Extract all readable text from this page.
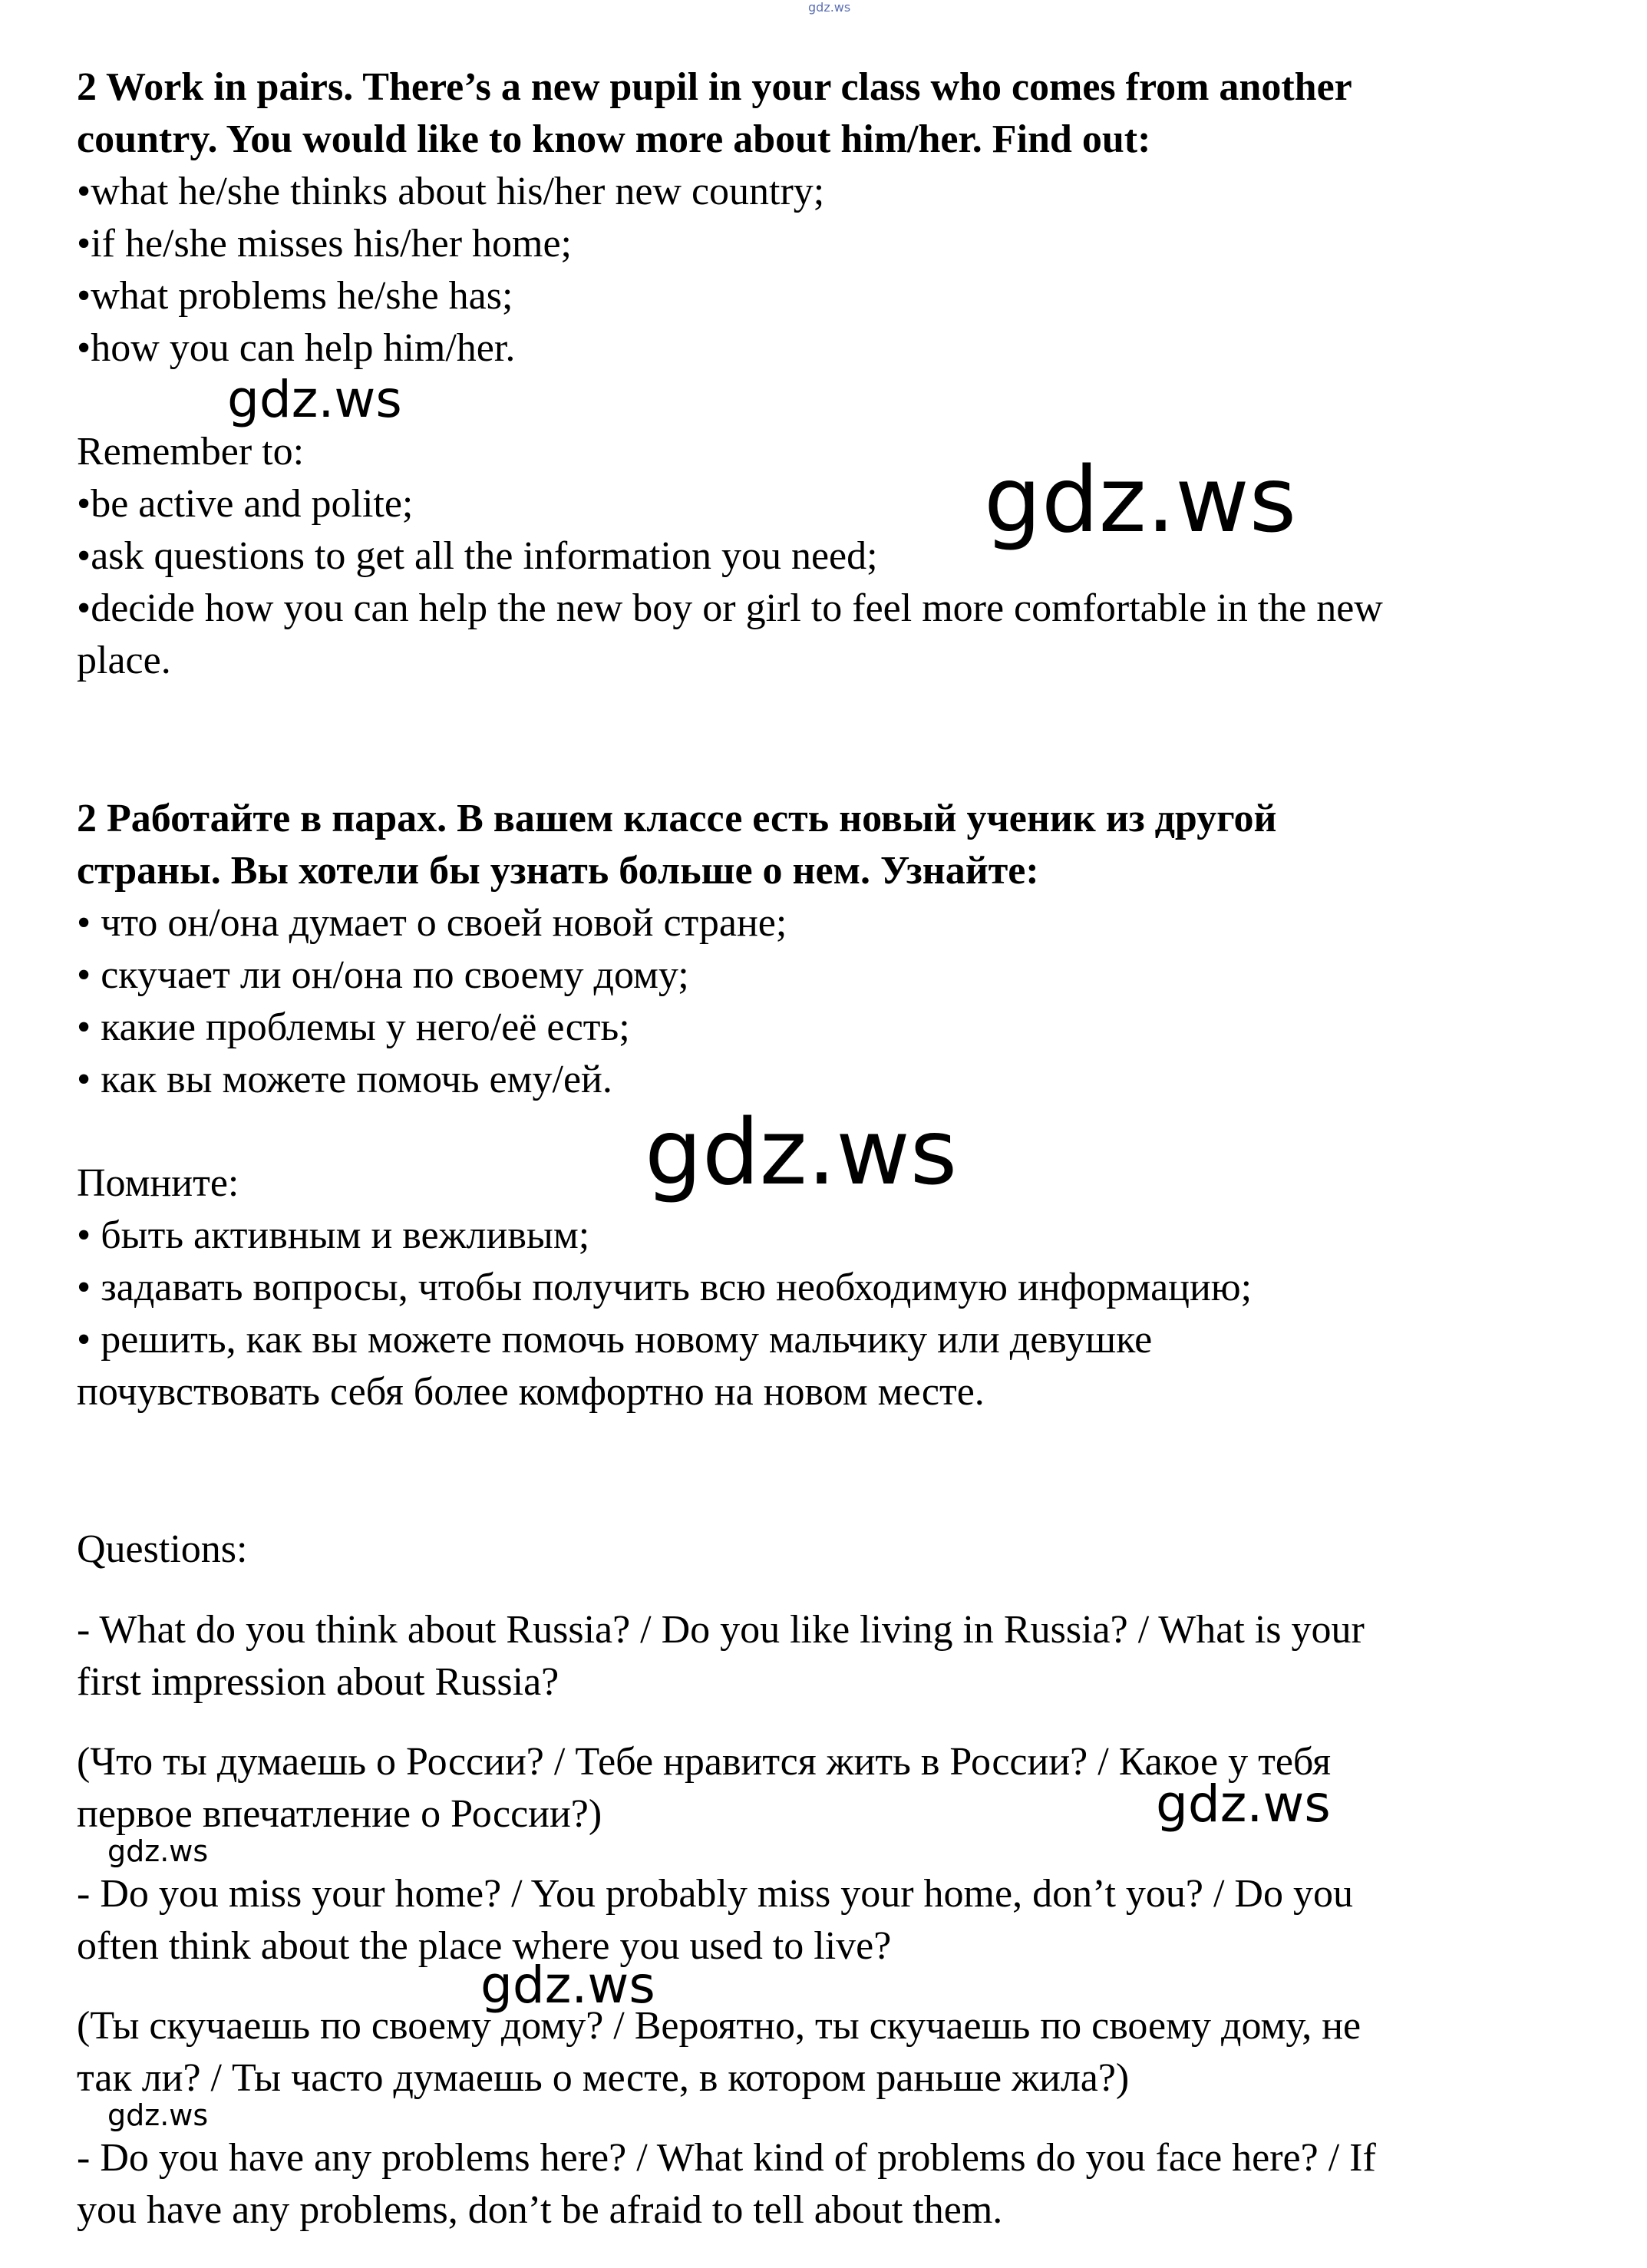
gdz.ws

2 Work in pairs. There’s a new pupil in your class who comes from another

country. You would like to know more about him/her. Find out:

•what he/she thinks about his/her new country;

•if he/she misses his/her home;

•what problems he/she has;

•how you can help him/her.

gdz.ws

Remember to:

•be active and polite;

•ask questions to get all the information you need;

•decide how you can help the new boy or girl to feel more comfortable in the new

place.

gdz.ws

2 Работайте в парах. В вашем классе есть новый ученик из другой

страны. Вы хотели бы узнать больше о нем. Узнайте:

• что он/она думает о своей новой стране;

• скучает ли он/она по своему дому;

• какие проблемы у него/её есть;

• как вы можете помочь ему/ей.

gdz.ws

Помните:

• быть активным и вежливым;

• задавать вопросы, чтобы получить всю необходимую информацию;

• решить, как вы можете помочь новому мальчику или девушке

почувствовать себя более комфортно на новом месте.

Questions:

- What do you think about Russia? / Do you like living in Russia? / What is your

first impression about Russia?

(Что ты думаешь о России? / Тебе нравится жить в России? / Какое у тебя

первое впечатление о России?)	gdz.ws
gdz.ws

- Do you miss your home? / You probably miss your home, don’t you? / Do you

often think about the place where you used to live?

gdz.ws

(Ты скучаешь по своему дому? / Вероятно, ты скучаешь по своему дому, не

так ли? / Ты часто думаешь о месте, в котором раньше жила?)

gdz.ws

- Do you have any problems here? / What kind of problems do you face here? / If

you have any problems, don’t be afraid to tell about them.
